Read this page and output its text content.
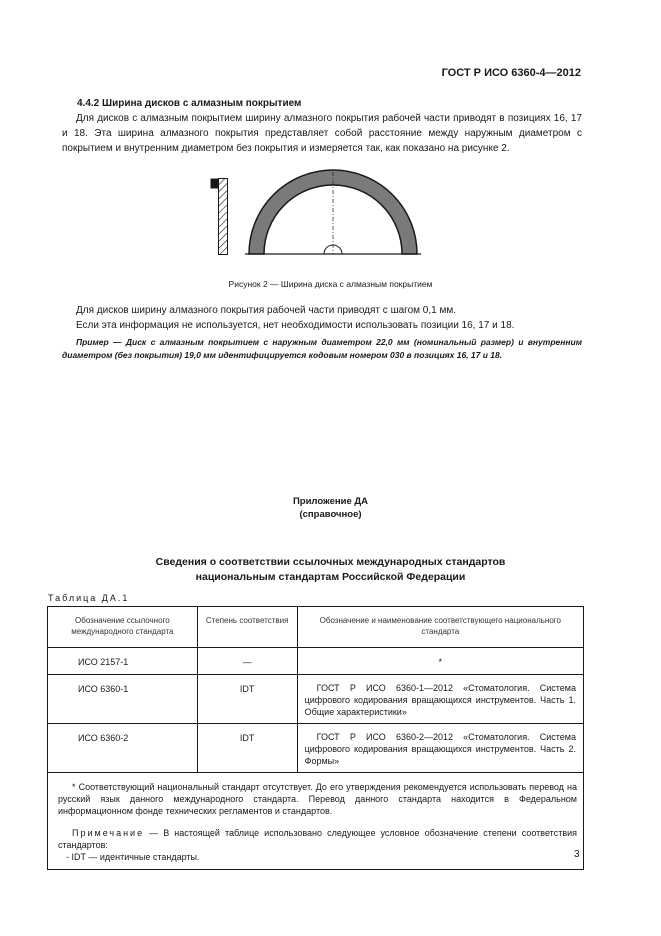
ГОСТ Р ИСО 6360-4—2012
4.4.2 Ширина дисков с алмазным покрытием
Для дисков с алмазным покрытием ширину алмазного покрытия рабочей части приводят в позициях 16, 17 и 18. Эта ширина алмазного покрытия представляет собой расстояние между наружным диаметром с покрытием и внутренним диаметром без покрытия и измеряется так, как показано на рисунке 2.
Рисунок 2 — Ширина диска с алмазным покрытием
Для дисков ширину алмазного покрытия рабочей части приводят с шагом 0,1 мм.
Если эта информация не используется, нет необходимости использовать позиции 16, 17 и 18.
Пример — Диск с алмазным покрытием с наружным диаметром 22,0 мм (номинальный размер) и внутренним диаметром (без покрытия) 19,0 мм идентифицируется кодовым номером 030 в позициях 16, 17 и 18.
Приложение ДА
(справочное)
Сведения о соответствии ссылочных международных стандартов
национальным стандартам Российской Федерации
Таблица ДА.1
Обозначение ссылочного международного стандарта	Степень соответствия	Обозначение и наименование соответствующего национального стандарта
ИСО 2157-1	—	*
ИСО 6360-1	IDT	ГОСТ Р ИСО 6360-1—2012 «Стоматология. Система цифрового кодирования вращающихся инструментов. Часть 1. Общие характеристики»
ИСО 6360-2	IDT	ГОСТ Р ИСО 6360-2—2012 «Стоматология. Система цифрового кодирования вращающихся инструментов. Часть 2. Формы»

* Соответствующий национальный стандарт отсутствует. До его утверждения рекомендуется использовать перевод на русский язык данного международного стандарта. Перевод данного стандарта находится в Федеральном информационном фонде технических регламентов и стандартов.

Примечание — В настоящей таблице использовано следующее условное обозначение степени соответствия стандартов:

- IDT — идентичные стандарты.			3
